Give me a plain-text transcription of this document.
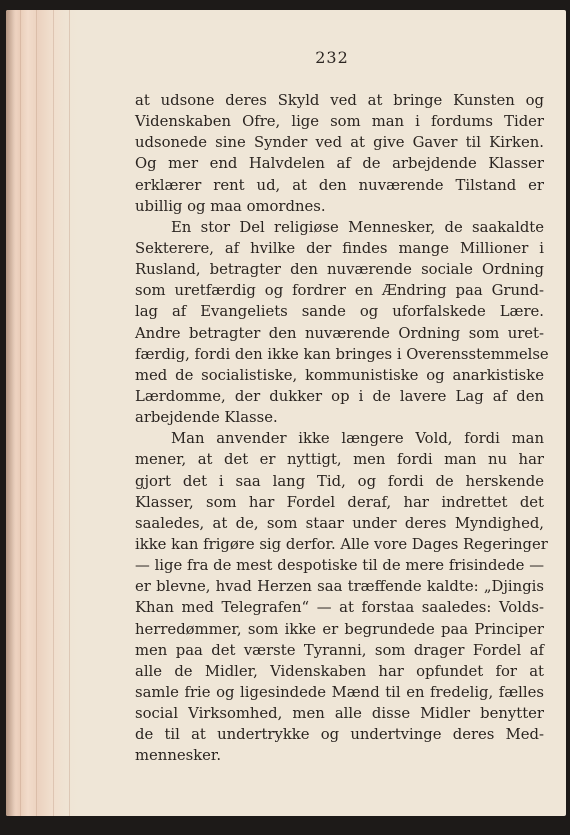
232
at udsone deres Skyld ved at bringe Kunsten og
Videnskaben Ofre, lige som man i fordums Tider
udsonede sine Synder ved at give Gaver til Kirken.
Og mer end Halvdelen af de arbejdende Klasser
erklærer rent ud, at den nuværende Tilstand er
ubillig og maa omordnes.
En stor Del religiøse Mennesker, de saakaldte
Sekterere, af hvilke der findes mange Millioner i
Rusland, betragter den nuværende sociale Ordning
som uretfærdig og fordrer en Ændring paa Grund-
lag af Evangeliets sande og uforfalskede Lære.
Andre betragter den nuværende Ordning som uret-
færdig, fordi den ikke kan bringes i Overensstemmelse
med de socialistiske, kommunistiske og anarkistiske
Lærdomme, der dukker op i de lavere Lag af den
arbejdende Klasse.
Man anvender ikke længere Vold, fordi man
mener, at det er nyttigt, men fordi man nu har
gjort det i saa lang Tid, og fordi de herskende
Klasser, som har Fordel deraf, har indrettet det
saaledes, at de, som staar under deres Myndighed,
ikke kan frigøre sig derfor. Alle vore Dages Regeringer
— lige fra de mest despotiske til de mere frisindede —
er blevne, hvad Herzen saa træffende kaldte: „Djingis
Khan med Telegrafen“ — at forstaa saaledes: Volds-
herredømmer, som ikke er begrundede paa Principer
men paa det værste Tyranni, som drager Fordel af
alle de Midler, Videnskaben har opfundet for at
samle frie og ligesindede Mænd til en fredelig, fælles
social Virksomhed, men alle disse Midler benytter
de til at undertrykke og undertvinge deres Med-
mennesker.
